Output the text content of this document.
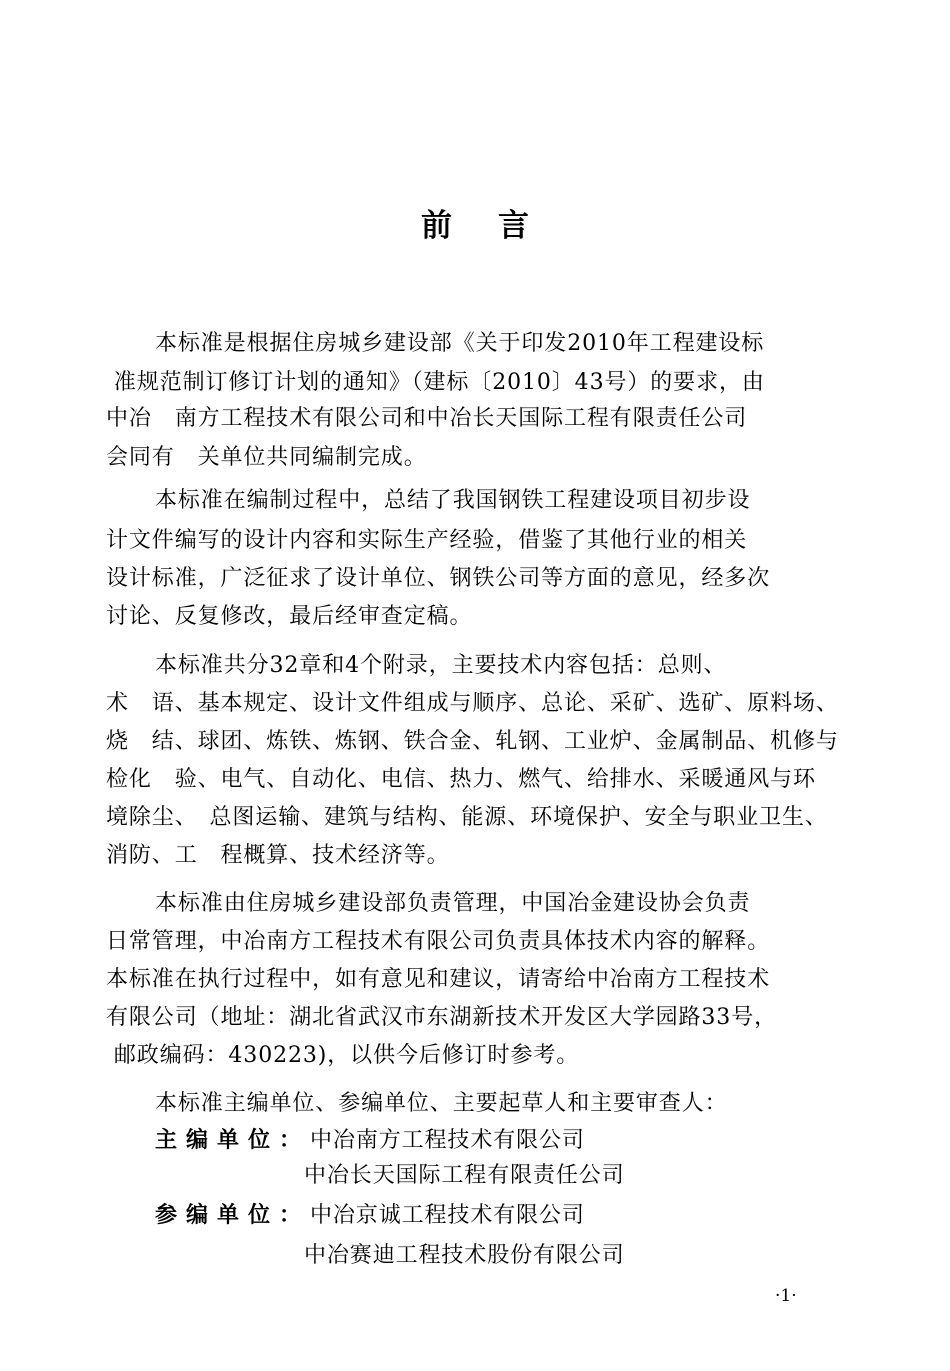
前言
本标准是根据住房城乡建设部《关于印发2010年工程建设标
准规范制订修订计划的通知》（建标〔2010〕43号）的要求，由
中冶　南方工程技术有限公司和中冶长天国际工程有限责任公司
会同有　关单位共同编制完成。
本标准在编制过程中，总结了我国钢铁工程建设项目初步设
计文件编写的设计内容和实际生产经验，借鉴了其他行业的相关
设计标准，广泛征求了设计单位、钢铁公司等方面的意见，经多次
讨论、反复修改，最后经审查定稿。
本标准共分32章和4个附录，主要技术内容包括：总则、
术　语、基本规定、设计文件组成与顺序、总论、采矿、选矿、原料场、
烧　结、球团、炼铁、炼钢、铁合金、轧钢、工业炉、金属制品、机修与
检化　验、电气、自动化、电信、热力、燃气、给排水、采暖通风与环
境除尘、　总图运输、建筑与结构、能源、环境保护、安全与职业卫生、
消防、工　程概算、技术经济等。
本标准由住房城乡建设部负责管理，中国冶金建设协会负责
日常管理，中冶南方工程技术有限公司负责具体技术内容的解释。
本标准在执行过程中，如有意见和建议，请寄给中冶南方工程技术
有限公司（地址：湖北省武汉市东湖新技术开发区大学园路33号，
邮政编码：430223)，以供今后修订时参考。
本标准主编单位、参编单位、主要起草人和主要审查人：
主编单位：中冶南方工程技术有限公司
中冶长天国际工程有限责任公司
参编单位：中冶京诚工程技术有限公司
中冶赛迪工程技术股份有限公司
·1·
